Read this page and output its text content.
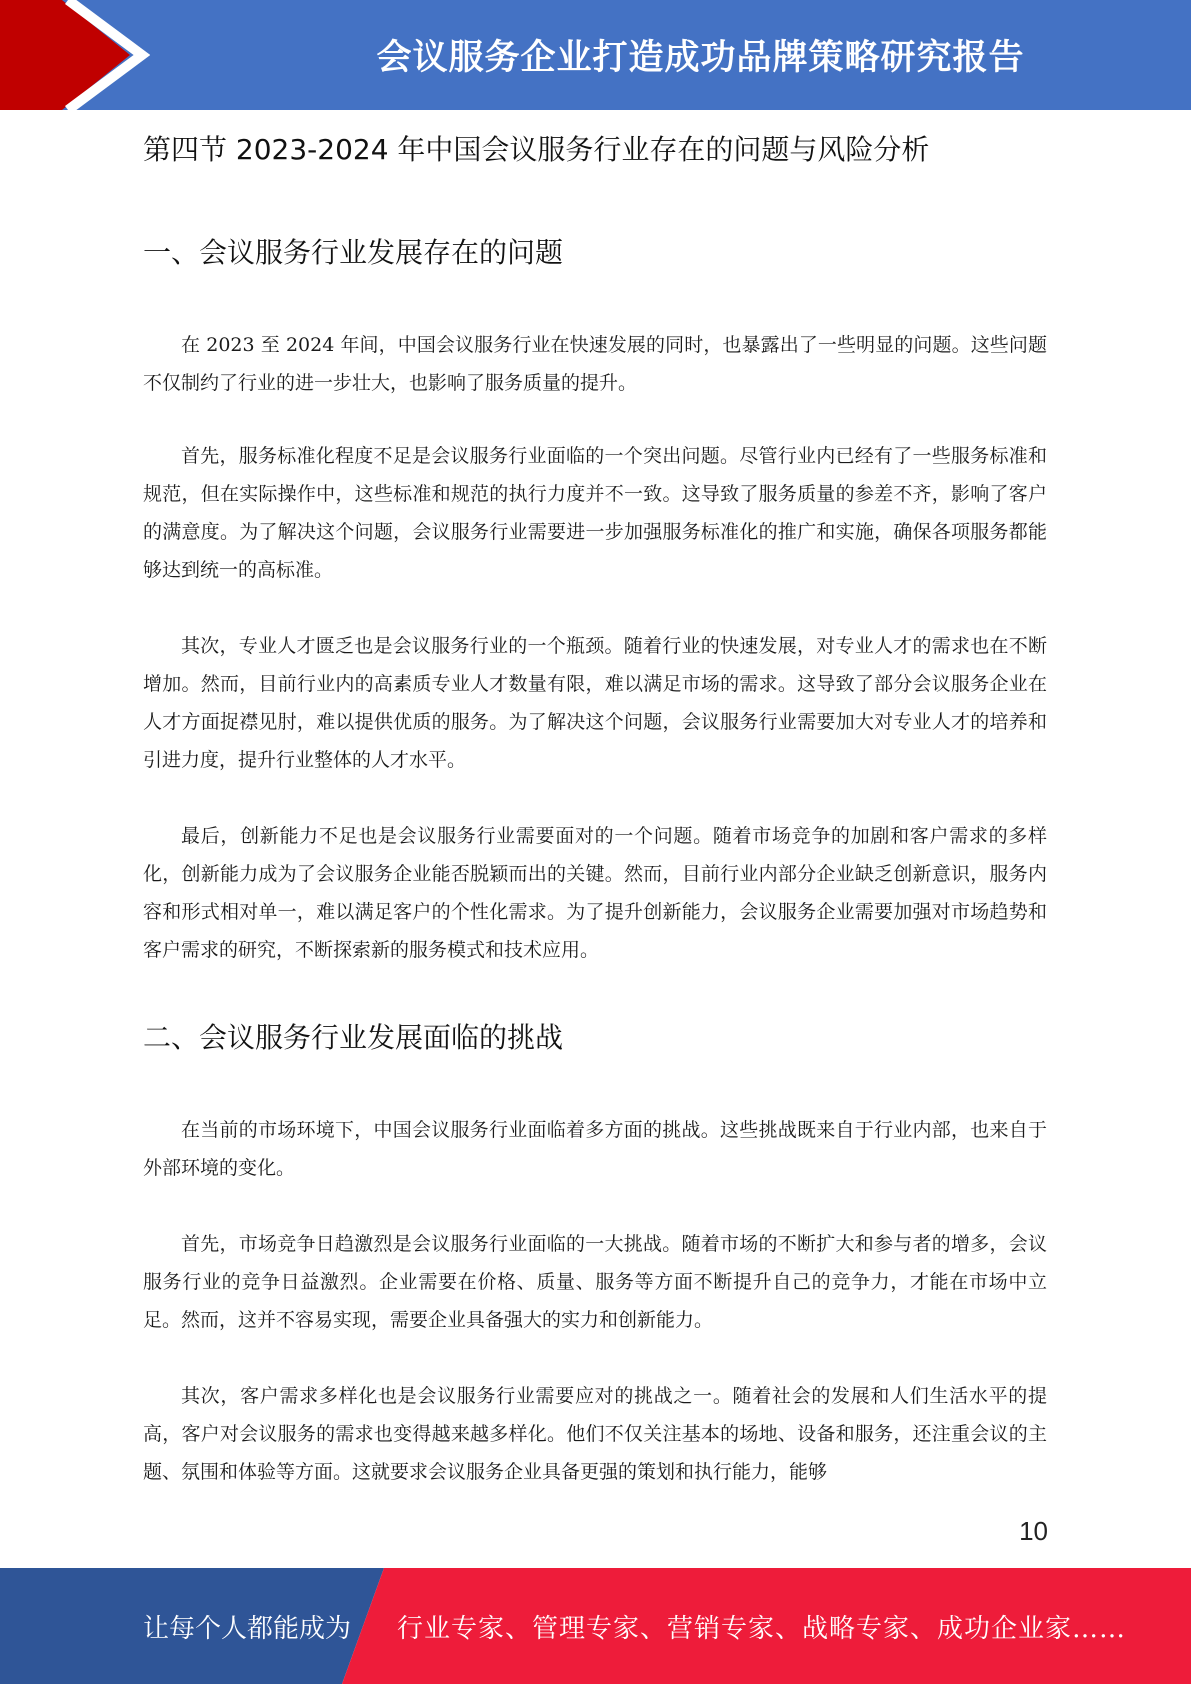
会议服务企业打造成功品牌策略研究报告
第四节 2023-2024 年中国会议服务行业存在的问题与风险分析
一、会议服务行业发展存在的问题

在 2023 至 2024 年间，中国会议服务行业在快速发展的同时，也暴露出了一些明显的问题。这些问题不仅制约了行业的进一步壮大，也影响了服务质量的提升。

首先，服务标准化程度不足是会议服务行业面临的一个突出问题。尽管行业内已经有了一些服务标准和规范，但在实际操作中，这些标准和规范的执行力度并不一致。这导致了服务质量的参差不齐，影响了客户的满意度。为了解决这个问题，会议服务行业需要进一步加强服务标准化的推广和实施，确保各项服务都能够达到统一的高标准。

其次，专业人才匮乏也是会议服务行业的一个瓶颈。随着行业的快速发展，对专业人才的需求也在不断增加。然而，目前行业内的高素质专业人才数量有限，难以满足市场的需求。这导致了部分会议服务企业在人才方面捉襟见肘，难以提供优质的服务。为了解决这个问题，会议服务行业需要加大对专业人才的培养和引进力度，提升行业整体的人才水平。

最后，创新能力不足也是会议服务行业需要面对的一个问题。随着市场竞争的加剧和客户需求的多样化，创新能力成为了会议服务企业能否脱颖而出的关键。然而，目前行业内部分企业缺乏创新意识，服务内容和形式相对单一，难以满足客户的个性化需求。为了提升创新能力，会议服务企业需要加强对市场趋势和客户需求的研究，不断探索新的服务模式和技术应用。

二、会议服务行业发展面临的挑战

在当前的市场环境下，中国会议服务行业面临着多方面的挑战。这些挑战既来自于行业内部，也来自于外部环境的变化。

首先，市场竞争日趋激烈是会议服务行业面临的一大挑战。随着市场的不断扩大和参与者的增多，会议服务行业的竞争日益激烈。企业需要在价格、质量、服务等方面不断提升自己的竞争力，才能在市场中立足。然而，这并不容易实现，需要企业具备强大的实力和创新能力。

其次，客户需求多样化也是会议服务行业需要应对的挑战之一。随着社会的发展和人们生活水平的提高，客户对会议服务的需求也变得越来越多样化。他们不仅关注基本的场地、设备和服务，还注重会议的主题、氛围和体验等方面。这就要求会议服务企业具备更强的策划和执行能力，能够

10
让每个人都能成为 行业专家、管理专家、营销专家、战略专家、成功企业家……
